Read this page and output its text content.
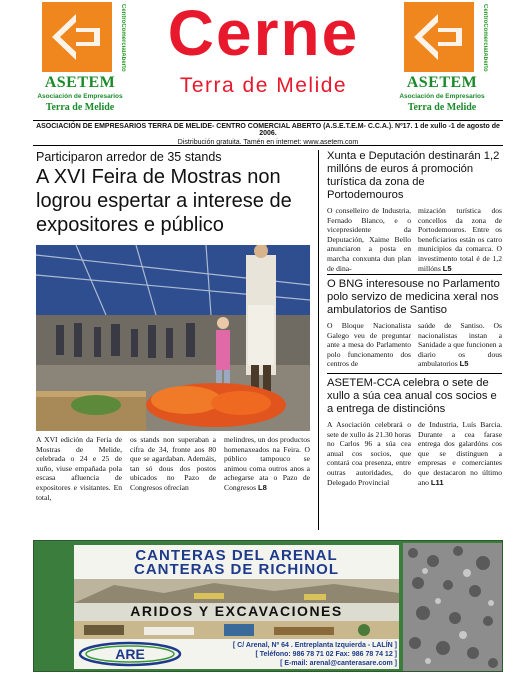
CentroComercialAberto
ASETEM
Asociación de Empresarios
Terra de Melide
Cerne
Terra de Melide
CentroComercialAberto
ASETEM
Asociación de Empresarios
Terra de Melide
ASOCIACIÓN DE EMPRESARIOS TERRA DE MELIDE- CENTRO COMERCIAL ABERTO (A.S.E.T.E.M- C.C.A.). Nº17. 1 de xullo -1 de agosto de 2006.
Distribución gratuita. Tamén en internet: www.asetem.com
Participaron arredor de 35 stands
A XVI Feira de Mostras non logrou espertar a interese de expositores e público
A XVI edición da Feria de Mostras de Melide, celebrada o 24 e 25 de xuño, viuse empañada pola escasa afluencia de expositores e visitantes. En total,
os stands non superaban a cifra de 34, fronte aos 80 que se agardaban. Ademáis, tan só dous dos postos ubicados no Pazo de Congresos ofrecían
melindres, un dos productos homenaxeados na Feira. O público tampouco se animou coma outros anos a achegarse ata o Pazo de Congresos L8
Xunta e Deputación destinarán 1,2 millóns de euros á promoción turística da zona de Portodemouros
O conselleiro de Industria, Fernado Blanco, e o vicepresidente da Deputación, Xaime Bello anunciaron a posta en marcha conxunta dun plan de dina-
mización turística dos concellos da zona de Portodemouros. Entre os beneficiarios están os catro municipios da comarca. O investimento total é de 1,2 millóns L5
O BNG interesouse no Parlamento polo servizo de medicina xeral nos ambulatorios de Santiso
O Bloque Nacionalista Galego veu de preguntar ante a mesa do Parlamento polo funcionamento dos centros de
saúde de Santiso. Os nacionalistas instan a Sanidade a que funcionen a diario os dous ambulatorios L5
ASETEM-CCA celebra o sete de xullo a súa cea anual cos socios e a entrega de distincións
A Asociación celebrará o sete de xullo ás 21.30 horas no Carlos 96 a súa cea anual cos socios, que contará coa presenza, entre outras autoridades, do Delegado Provincial
de Industria, Luís Barcia. Durante a cea farase entrega dos galardóns cos que se distinguen a empresas e comerciantes que destacaron no último ano L11
CANTERAS DEL ARENAL
CANTERAS DE RICHINOL
ARIDOS Y EXCAVACIONES
ARE
[ C/ Arenal, Nº 64 . Entreplanta Izquierda - LALÍN ]
[ Teléfono: 986 78 71 02 Fax: 986 78 74 12 ]
[ E-mail: arenal@canterasare.com ]
